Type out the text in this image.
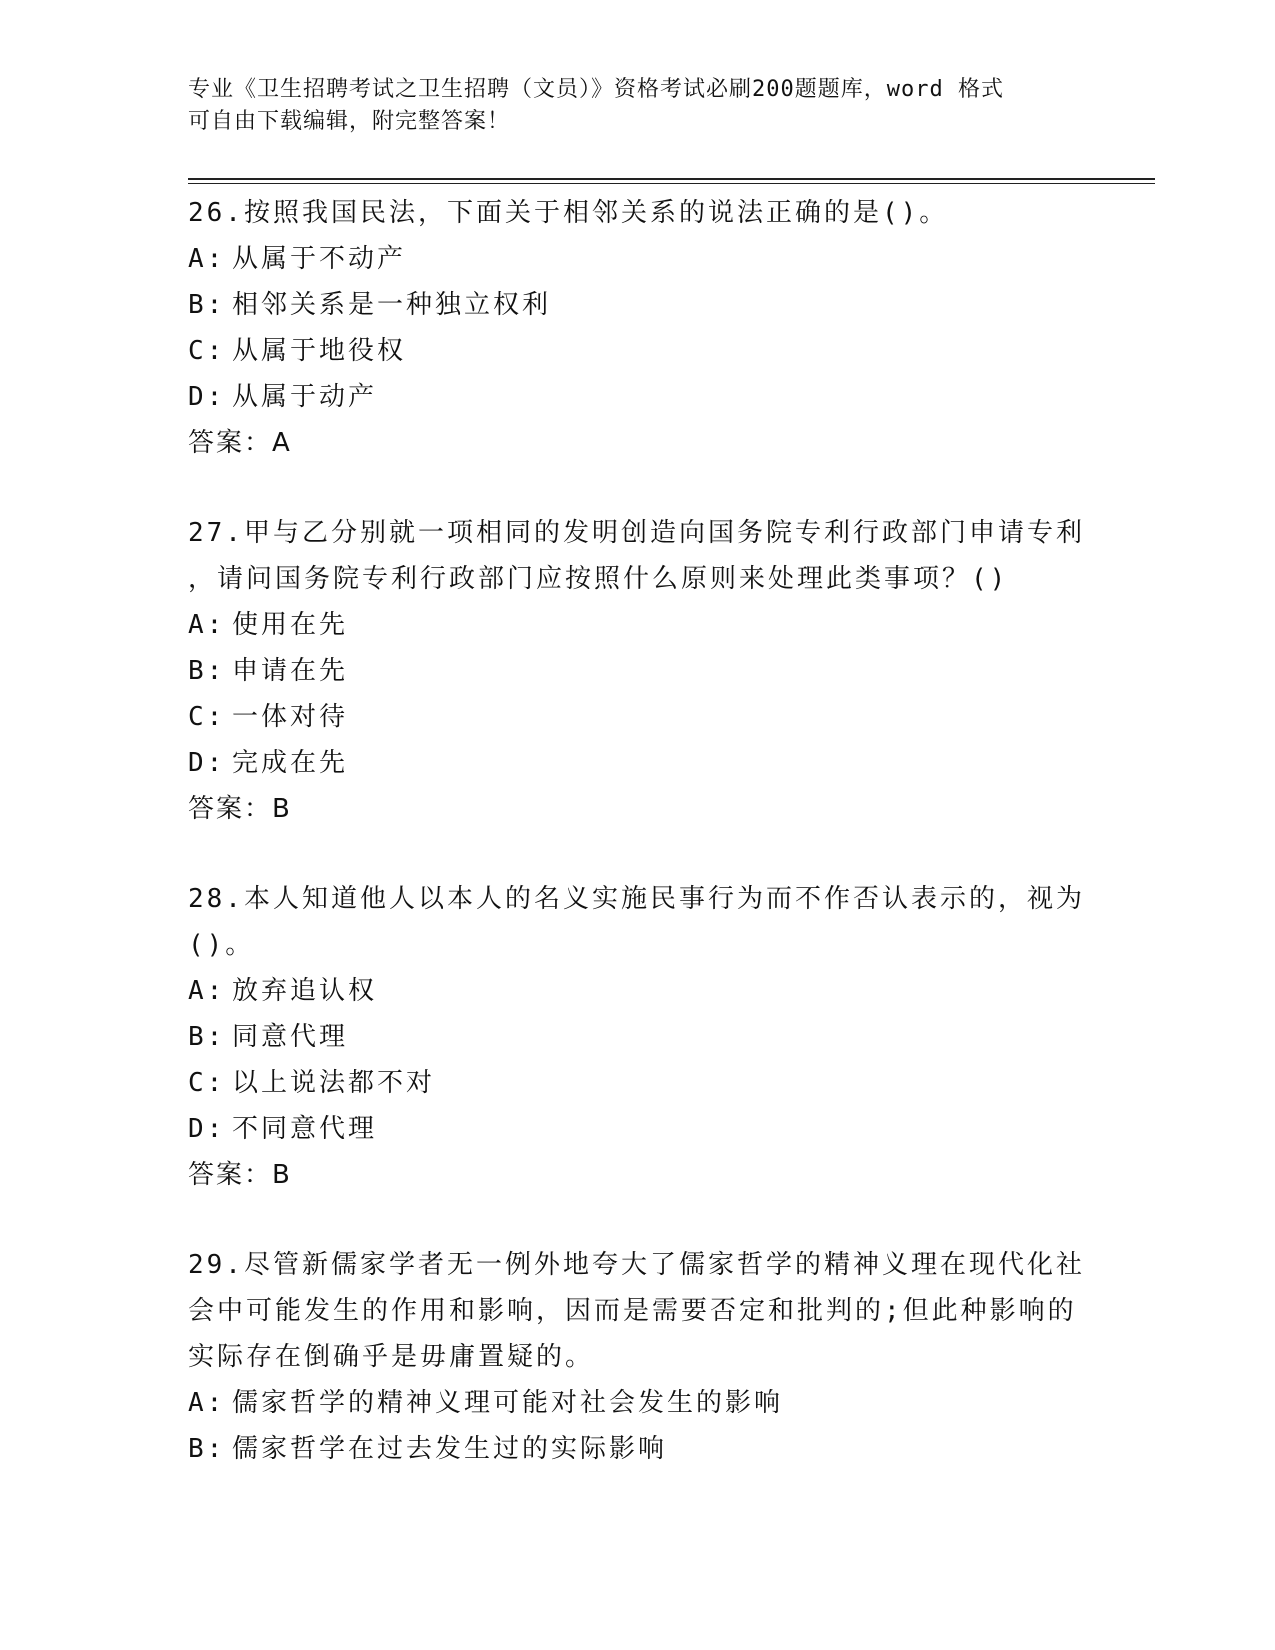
专业《卫生招聘考试之卫生招聘（文员）》资格考试必刷200题题库，word 格式
可自由下载编辑，附完整答案！
26.按照我国民法，下面关于相邻关系的说法正确的是()。
A: 从属于不动产
B: 相邻关系是一种独立权利
C: 从属于地役权
D: 从属于动产
答案：A
27.甲与乙分别就一项相同的发明创造向国务院专利行政部门申请专利
，请问国务院专利行政部门应按照什么原则来处理此类事项？()
A: 使用在先
B: 申请在先
C: 一体对待
D: 完成在先
答案：B
28.本人知道他人以本人的名义实施民事行为而不作否认表示的，视为
()。
A: 放弃追认权
B: 同意代理
C: 以上说法都不对
D: 不同意代理
答案：B
29.尽管新儒家学者无一例外地夸大了儒家哲学的精神义理在现代化社
会中可能发生的作用和影响，因而是需要否定和批判的;但此种影响的
实际存在倒确乎是毋庸置疑的。
A: 儒家哲学的精神义理可能对社会发生的影响
B: 儒家哲学在过去发生过的实际影响
